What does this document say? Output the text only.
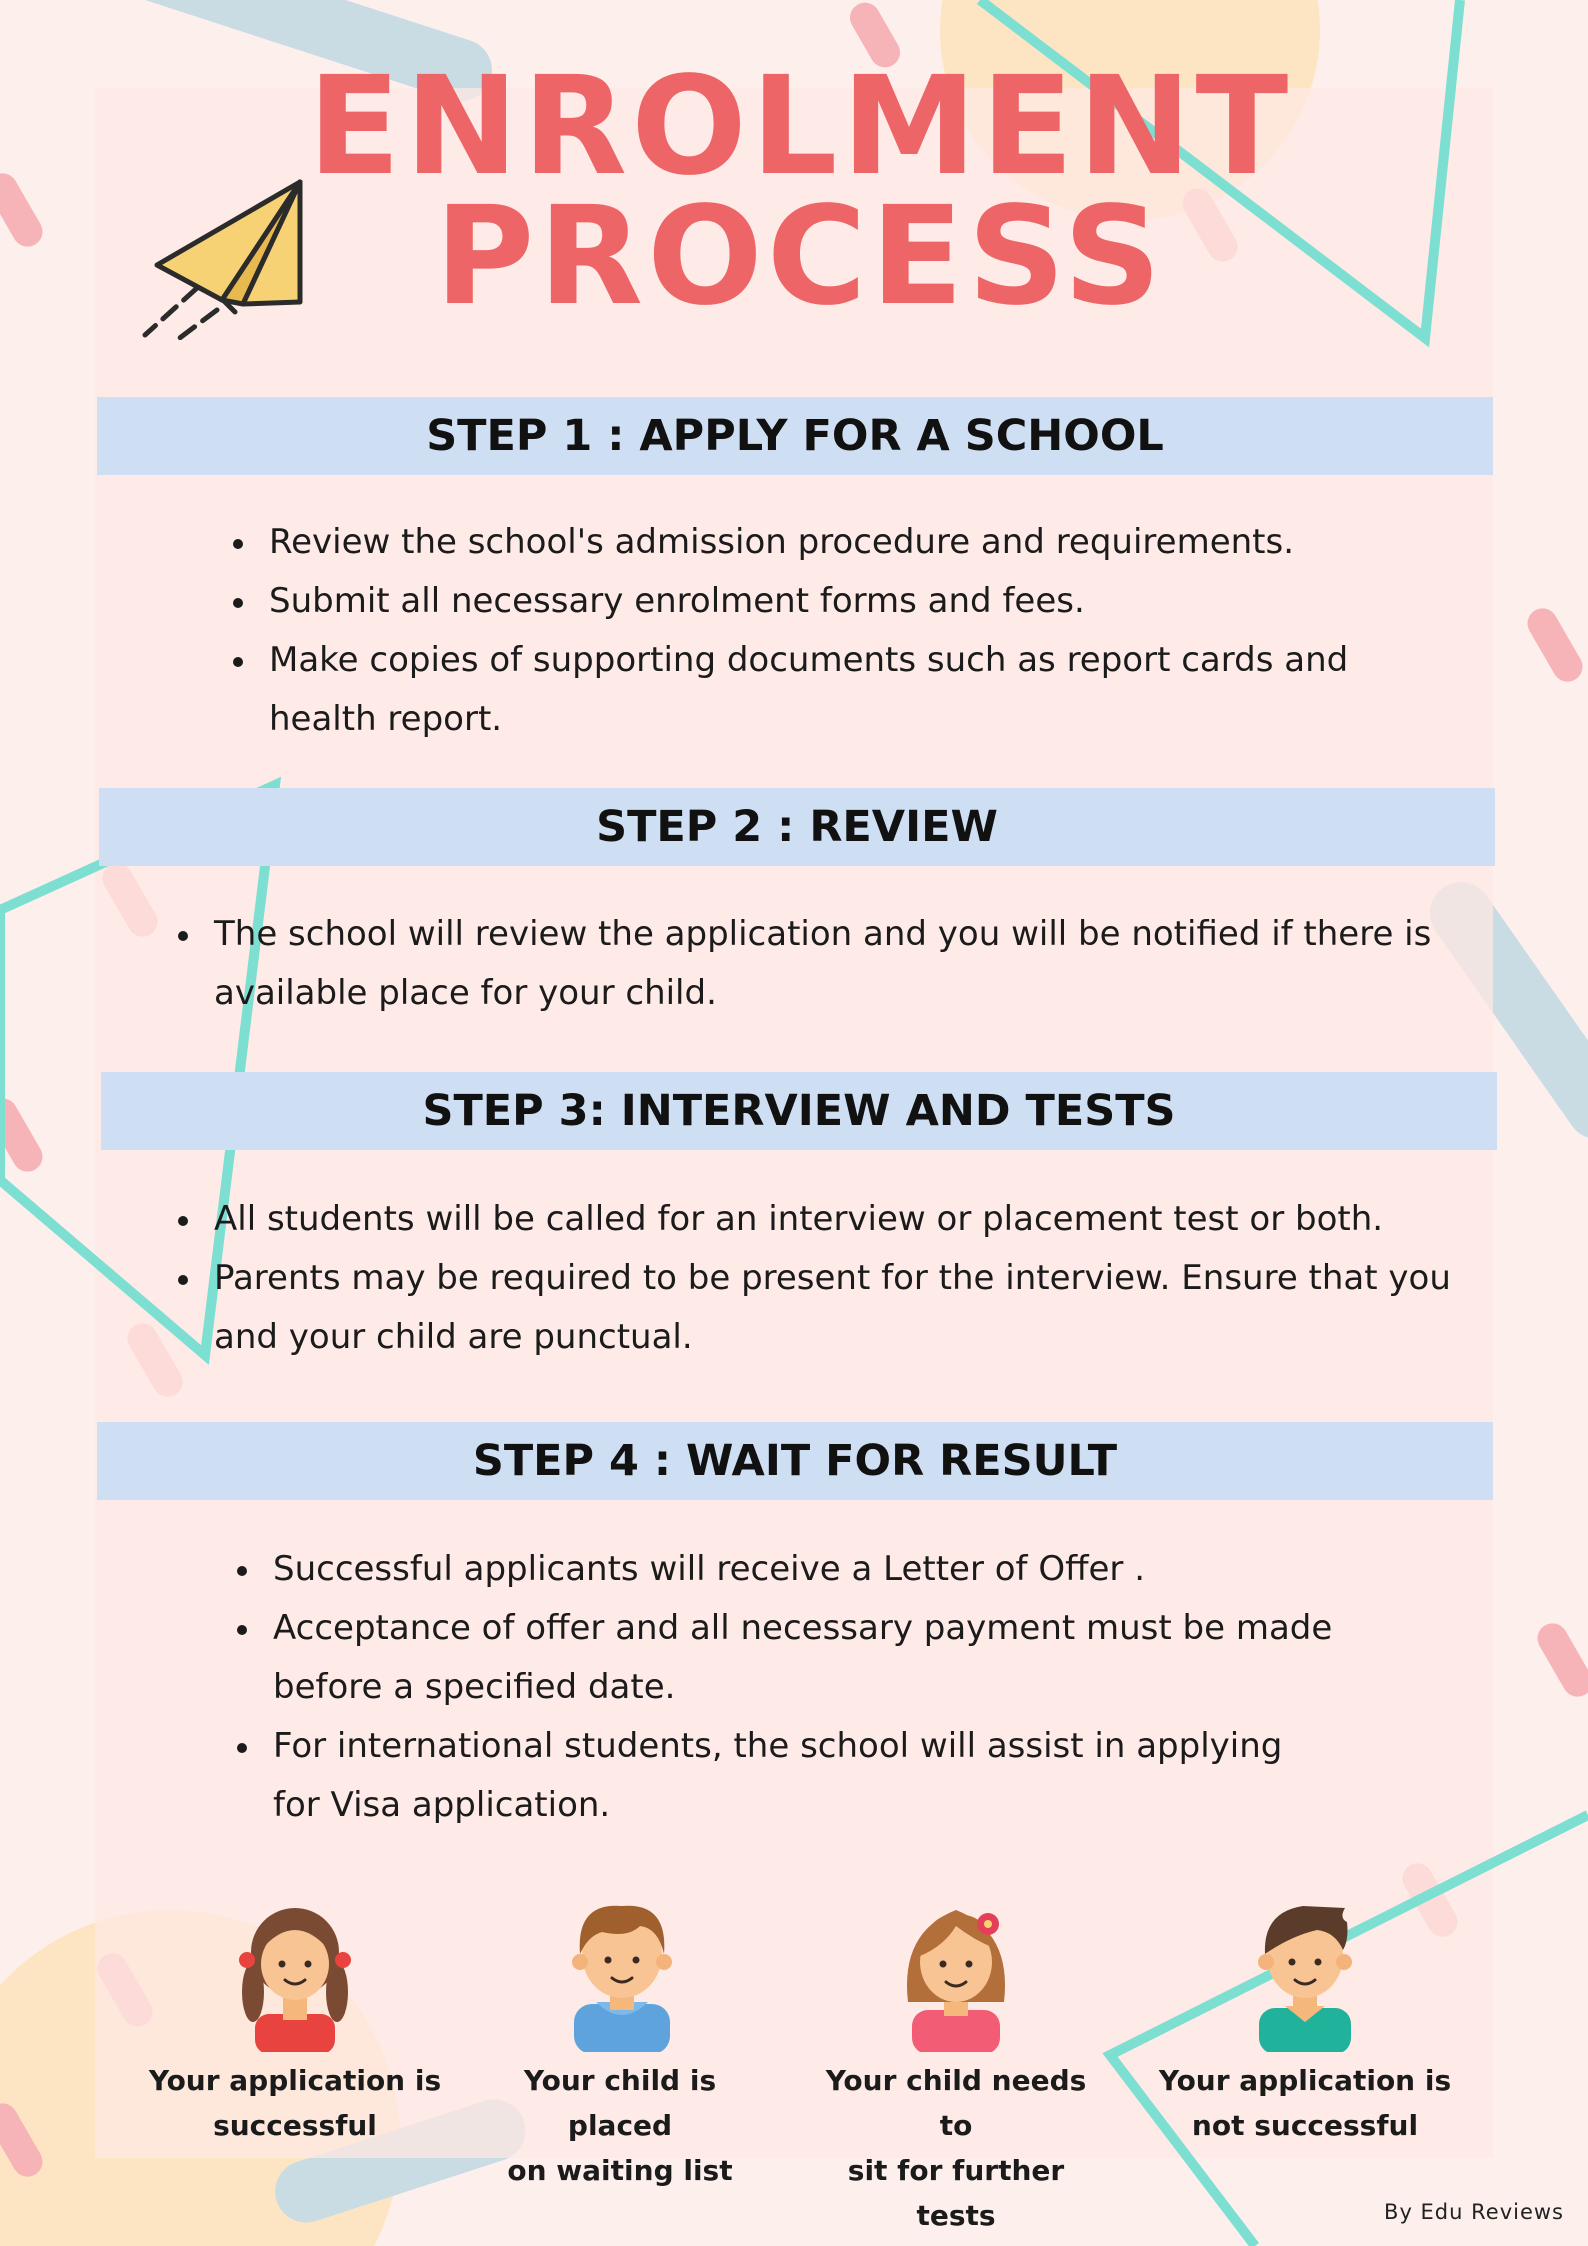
ENROLMENT
PROCESS
STEP 1 : APPLY FOR A SCHOOL
Review the school's admission procedure and requirements.
Submit all necessary enrolment forms and fees.
Make copies of supporting documents such as report cards and health report.
STEP 2 : REVIEW
The school will review the application and you will be notified if there is available place for your child.
STEP 3: INTERVIEW AND TESTS
All students will be called for an interview or placement test or both.
Parents may be required to be present for the interview. Ensure that you and your child are punctual.
STEP 4 : WAIT FOR RESULT
Successful applicants will receive a Letter of Offer .
Acceptance of offer and all necessary payment must be made before a specified date.
For international students, the school will assist in applying for Visa application.
Your application is
successful
Your child is placed
on waiting list
Your child needs to
sit for further tests
Your application is
not successful
By Edu Reviews
